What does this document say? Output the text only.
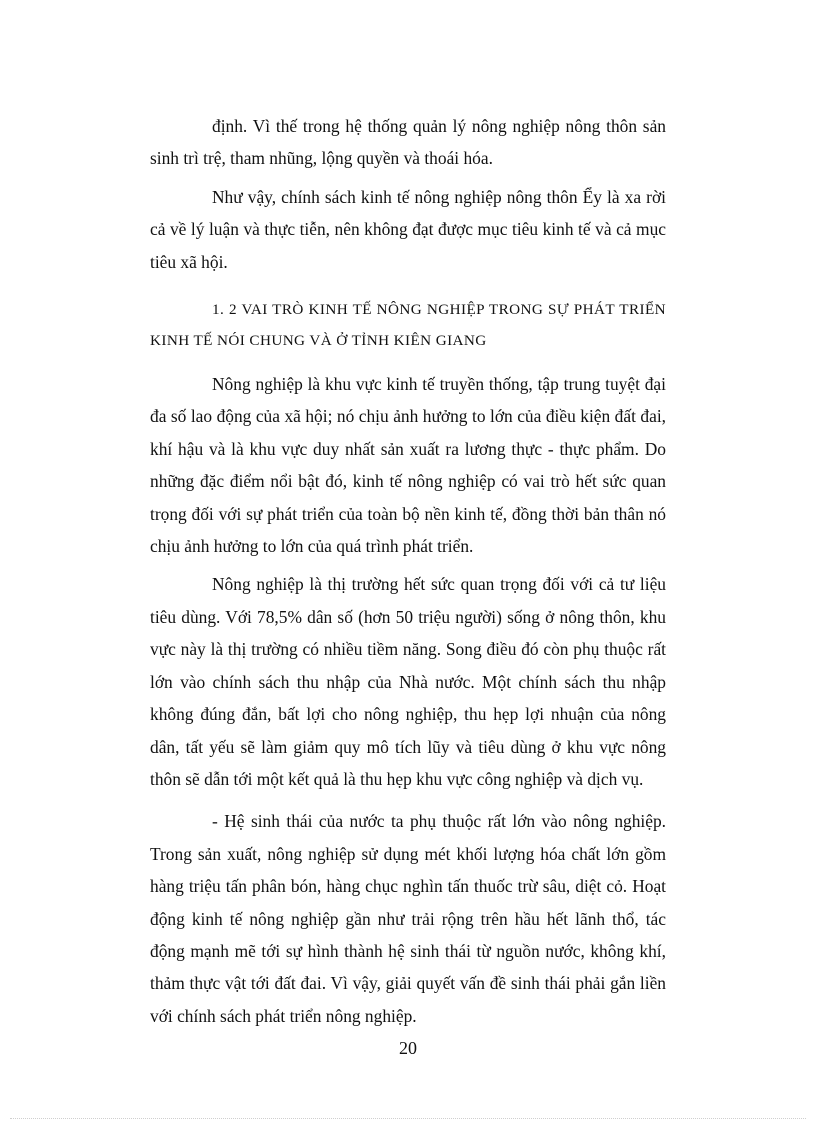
định. Vì thế trong hệ thống quản lý nông nghiệp nông thôn sản sinh trì trệ, tham nhũng, lộng quyền và thoái hóa.

Như vậy, chính sách kinh tế nông nghiệp nông thôn Ểy là xa rời cả về lý luận và thực tiễn, nên không đạt được mục tiêu kinh tế và cả mục tiêu xã hội.

1. 2 VAI TRÒ KINH TẾ NÔNG NGHIỆP TRONG SỰ PHÁT TRIỂN KINH TẾ NÓI CHUNG VÀ Ở TỈNH KIÊN GIANG

Nông nghiệp là khu vực kinh tế truyền thống, tập trung tuyệt đại đa số lao động của xã hội; nó chịu ảnh hưởng to lớn của điều kiện đất đai, khí hậu và là khu vực duy nhất sản xuất ra lương thực - thực phẩm. Do những đặc điểm nổi bật đó, kinh tế nông nghiệp có vai trò hết sức quan trọng đối với sự phát triển của toàn bộ nền kinh tế, đồng thời bản thân nó chịu ảnh hưởng to lớn của quá trình phát triển.

Nông nghiệp là thị trường hết sức quan trọng đối với cả tư liệu tiêu dùng. Với 78,5% dân số (hơn 50 triệu người) sống ở nông thôn, khu vực này là thị trường có nhiều tiềm năng. Song điều đó còn phụ thuộc rất lớn vào chính sách thu nhập của Nhà nước. Một chính sách thu nhập không đúng đắn, bất lợi cho nông nghiệp, thu hẹp lợi nhuận của nông dân, tất yếu sẽ làm giảm quy mô tích lũy và tiêu dùng ở khu vực nông thôn sẽ dẫn tới một kết quả là thu hẹp khu vực công nghiệp và dịch vụ.

- Hệ sinh thái của nước ta phụ thuộc rất lớn vào nông nghiệp. Trong sản xuất, nông nghiệp sử dụng mét khối lượng hóa chất lớn gồm hàng triệu tấn phân bón, hàng chục nghìn tấn thuốc trừ sâu, diệt cỏ. Hoạt động kinh tế nông nghiệp gần như trải rộng trên hầu hết lãnh thổ, tác động mạnh mẽ tới sự hình thành hệ sinh thái từ nguồn nước, không khí, thảm thực vật tới đất đai. Vì vậy, giải quyết vấn đề sinh thái phải gắn liền với chính sách phát triển nông nghiệp.

20
